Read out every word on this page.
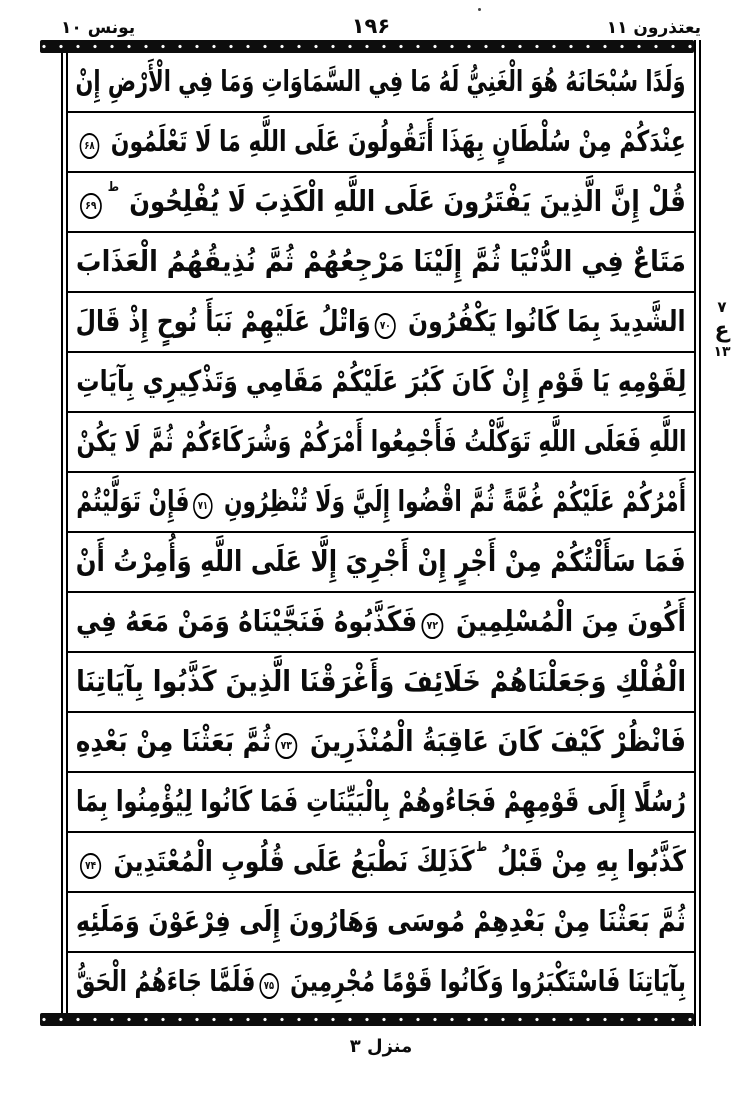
يعتذرون ۱۱
۱۹۶
يونس ۱۰
وَلَدًا سُبْحَانَهُ هُوَ الْغَنِيُّ لَهُ مَا فِي السَّمَاوَاتِ وَمَا فِي الْأَرْضِ إِنْ
عِنْدَكُمْ مِنْ سُلْطَانٍ بِهَذَا أَتَقُولُونَ عَلَى اللَّهِ مَا لَا تَعْلَمُونَ ۶۸
قُلْ إِنَّ الَّذِينَ يَفْتَرُونَ عَلَى اللَّهِ الْكَذِبَ لَا يُفْلِحُونَ ط۶۹
مَتَاعٌ فِي الدُّنْيَا ثُمَّ إِلَيْنَا مَرْجِعُهُمْ ثُمَّ نُذِيقُهُمُ الْعَذَابَ
الشَّدِيدَ بِمَا كَانُوا يَكْفُرُونَ ۷۰وَاتْلُ عَلَيْهِمْ نَبَأَ نُوحٍ إِذْ قَالَ
لِقَوْمِهِ يَا قَوْمِ إِنْ كَانَ كَبُرَ عَلَيْكُمْ مَقَامِي وَتَذْكِيرِي بِآيَاتِ
اللَّهِ فَعَلَى اللَّهِ تَوَكَّلْتُ فَأَجْمِعُوا أَمْرَكُمْ وَشُرَكَاءَكُمْ ثُمَّ لَا يَكُنْ
أَمْرُكُمْ عَلَيْكُمْ غُمَّةً ثُمَّ اقْضُوا إِلَيَّ وَلَا تُنْظِرُونِ ۷۱فَإِنْ تَوَلَّيْتُمْ
فَمَا سَأَلْتُكُمْ مِنْ أَجْرٍ إِنْ أَجْرِيَ إِلَّا عَلَى اللَّهِ وَأُمِرْتُ أَنْ
أَكُونَ مِنَ الْمُسْلِمِينَ ۷۲فَكَذَّبُوهُ فَنَجَّيْنَاهُ وَمَنْ مَعَهُ فِي
الْفُلْكِ وَجَعَلْنَاهُمْ خَلَائِفَ وَأَغْرَقْنَا الَّذِينَ كَذَّبُوا بِآيَاتِنَا
فَانْظُرْ كَيْفَ كَانَ عَاقِبَةُ الْمُنْذَرِينَ ۷۳ثُمَّ بَعَثْنَا مِنْ بَعْدِهِ
رُسُلًا إِلَى قَوْمِهِمْ فَجَاءُوهُمْ بِالْبَيِّنَاتِ فَمَا كَانُوا لِيُؤْمِنُوا بِمَا
كَذَّبُوا بِهِ مِنْ قَبْلُ طكَذَلِكَ نَطْبَعُ عَلَى قُلُوبِ الْمُعْتَدِينَ ۷۴
ثُمَّ بَعَثْنَا مِنْ بَعْدِهِمْ مُوسَى وَهَارُونَ إِلَى فِرْعَوْنَ وَمَلَئِهِ
بِآيَاتِنَا فَاسْتَكْبَرُوا وَكَانُوا قَوْمًا مُجْرِمِينَ ۷۵فَلَمَّا جَاءَهُمُ الْحَقُّ
۷
ع
۱۳
منزل ۳
